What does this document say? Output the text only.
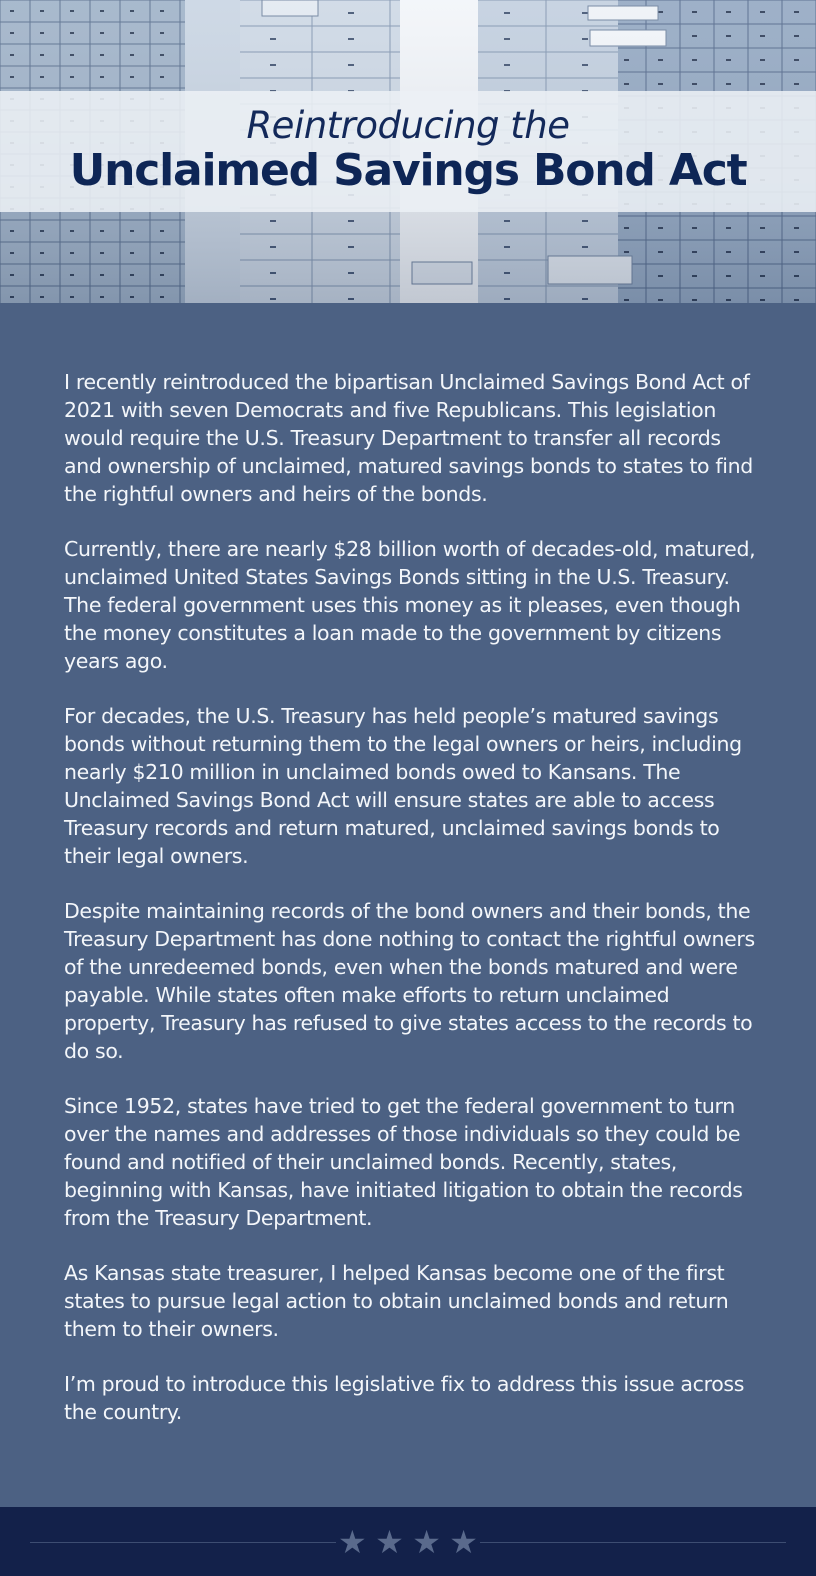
Reintroducing the
Unclaimed Savings Bond Act

I recently reintroduced the bipartisan Unclaimed Savings Bond Act of 2021 with seven Democrats and five Republicans. This legislation would require the U.S. Treasury Department to transfer all records and ownership of unclaimed, matured savings bonds to states to find the rightful owners and heirs of the bonds.

Currently, there are nearly $28 billion worth of decades-old, matured, unclaimed United States Savings Bonds sitting in the U.S. Treasury. The federal government uses this money as it pleases, even though the money constitutes a loan made to the government by citizens years ago.

For decades, the U.S. Treasury has held people’s matured savings bonds without returning them to the legal owners or heirs, including nearly $210 million in unclaimed bonds owed to Kansans. The Unclaimed Savings Bond Act will ensure states are able to access Treasury records and return matured, unclaimed savings bonds to their legal owners.

Despite maintaining records of the bond owners and their bonds, the Treasury Department has done nothing to contact the rightful owners of the unredeemed bonds, even when the bonds matured and were payable. While states often make efforts to return unclaimed property, Treasury has refused to give states access to the records to do so.

Since 1952, states have tried to get the federal government to turn over the names and addresses of those individuals so they could be found and notified of their unclaimed bonds. Recently, states, beginning with Kansas, have initiated litigation to obtain the records from the Treasury Department.

As Kansas state treasurer, I helped Kansas become one of the first states to pursue legal action to obtain unclaimed bonds and return them to their owners.

I’m proud to introduce this legislative fix to address this issue across the country.

★ ★ ★ ★
